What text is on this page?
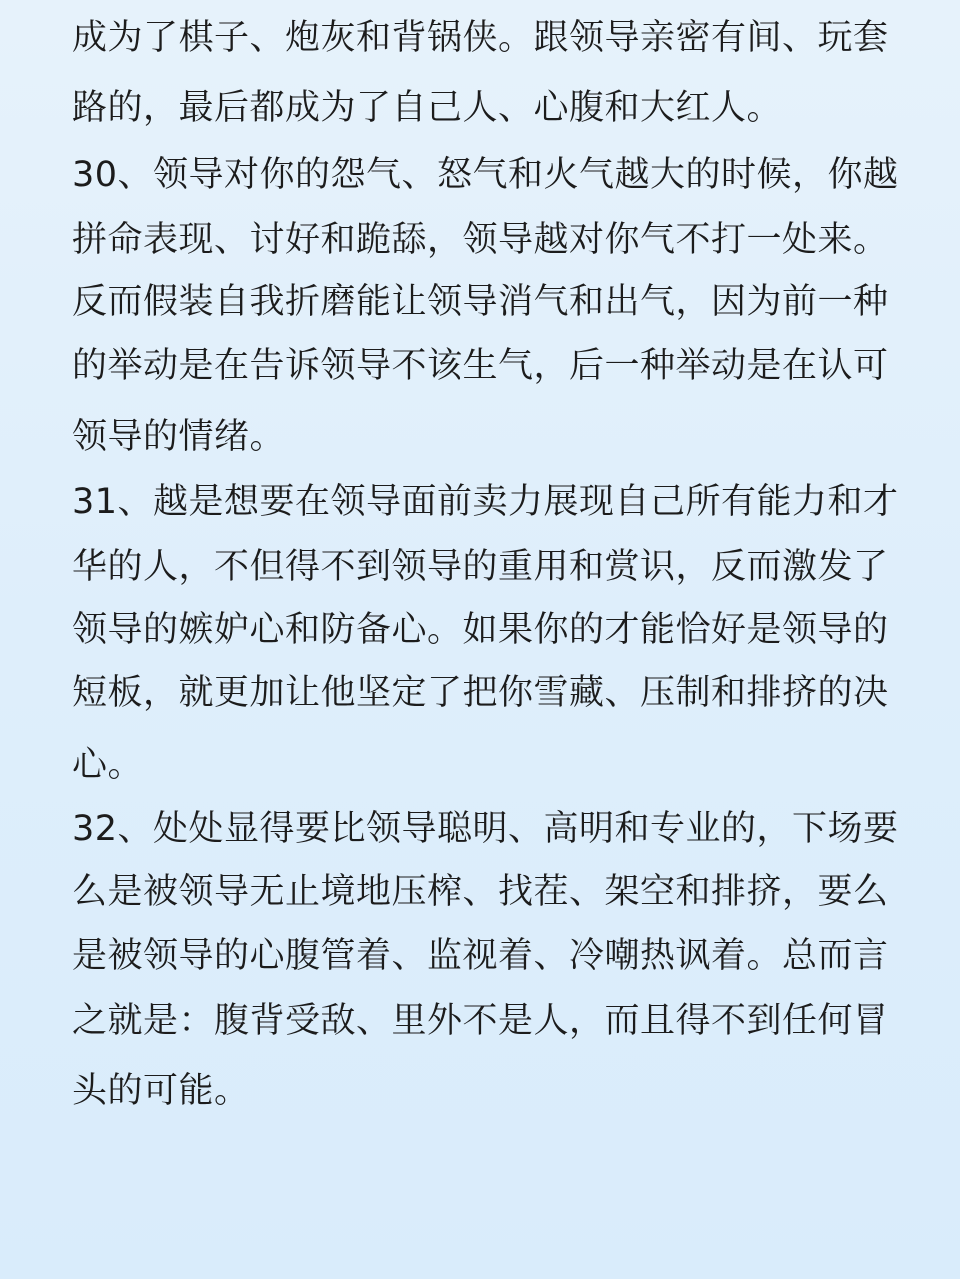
成为了棋子、炮灰和背锅侠。跟领导亲密有间、玩套
路的，最后都成为了自己人、心腹和大红人。
30、领导对你的怨气、怒气和火气越大的时候，你越
拼命表现、讨好和跪舔，领导越对你气不打一处来。
反而假装自我折磨能让领导消气和出气，因为前一种
的举动是在告诉领导不该生气，后一种举动是在认可
领导的情绪。
31、越是想要在领导面前卖力展现自己所有能力和才
华的人，不但得不到领导的重用和赏识，反而激发了
领导的嫉妒心和防备心。如果你的才能恰好是领导的
短板，就更加让他坚定了把你雪藏、压制和排挤的决
心。
32、处处显得要比领导聪明、高明和专业的，下场要
么是被领导无止境地压榨、找茬、架空和排挤，要么
是被领导的心腹管着、监视着、冷嘲热讽着。总而言
之就是：腹背受敌、里外不是人，而且得不到任何冒
头的可能。
